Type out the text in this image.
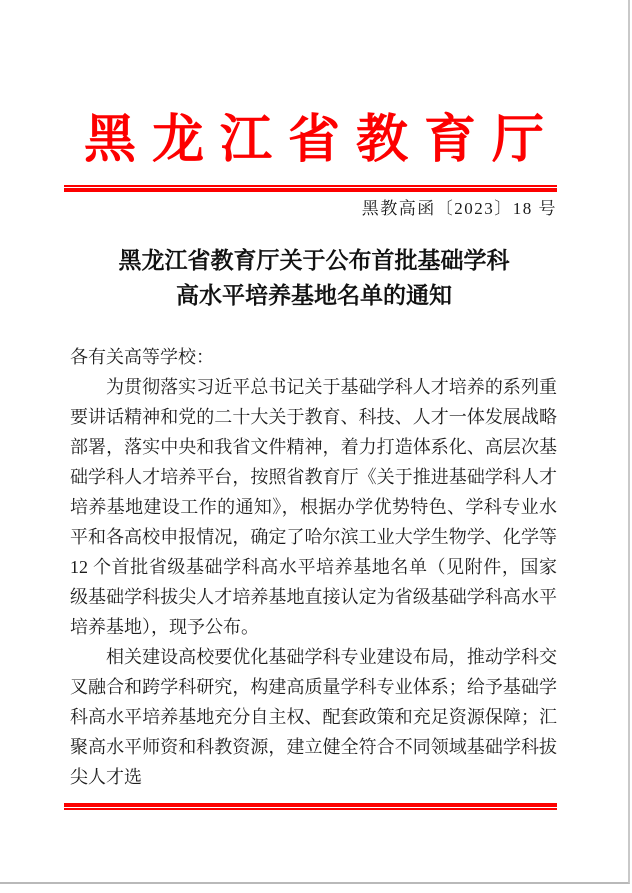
黑龙江省教育厅
黑教高函〔2023〕18 号
黑龙江省教育厅关于公布首批基础学科
高水平培养基地名单的通知
各有关高等学校：

为贯彻落实习近平总书记关于基础学科人才培养的系列重要讲话精神和党的二十大关于教育、科技、人才一体发展战略部署，落实中央和我省文件精神，着力打造体系化、高层次基础学科人才培养平台，按照省教育厅《关于推进基础学科人才培养基地建设工作的通知》，根据办学优势特色、学科专业水平和各高校申报情况，确定了哈尔滨工业大学生物学、化学等 12 个首批省级基础学科高水平培养基地名单（见附件，国家级基础学科拔尖人才培养基地直接认定为省级基础学科高水平培养基地），现予公布。

相关建设高校要优化基础学科专业建设布局，推动学科交叉融合和跨学科研究，构建高质量学科专业体系；给予基础学科高水平培养基地充分自主权、配套政策和充足资源保障；汇聚高水平师资和科教资源，建立健全符合不同领域基础学科拔尖人才选
